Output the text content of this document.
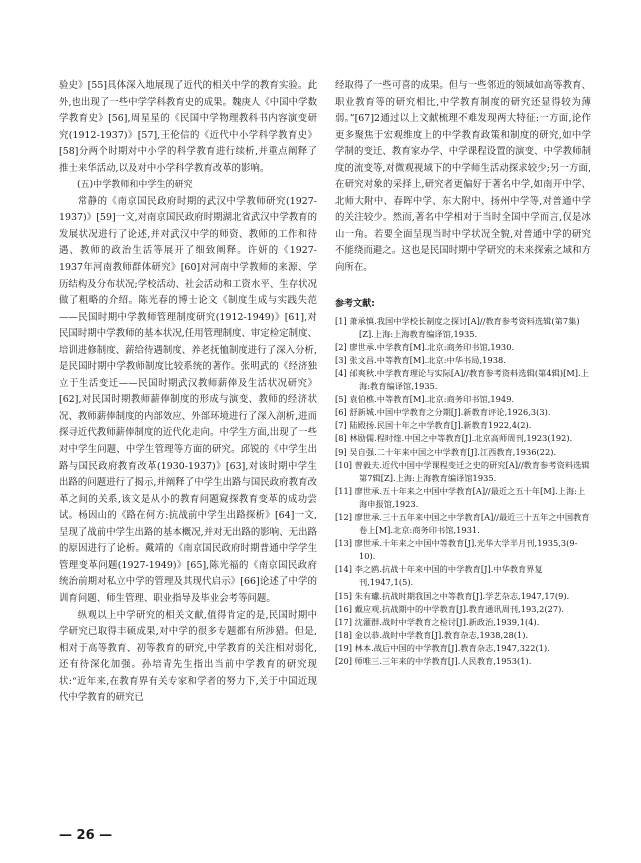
验史》[55]具体深入地展现了近代的相关中学的教育实验。此外,也出现了一些中学学科教育史的成果。魏庚人《中国中学数学教育史》[56],周星星的《民国中学物理教科书内容演变研究(1912-1937)》[57],王伦信的《近代中小学科学教育史》[58]分两个时期对中小学的科学教育进行续析,并重点阐释了推士来华活动,以及对中小学科学教育改革的影响。

(五)中学教师和中学生的研究

常静的《南京国民政府时期的武汉中学教师研究(1927-1937)》[59]一文,对南京国民政府时期湖北省武汉中学教育的发展状况进行了论述,并对武汉中学的师资、教师的工作和待遇、教师的政治生活等展开了细致阐释。许妍的《1927-1937年河南教师群体研究》[60]对河南中学教师的来源、学历结构及分布状况;学校活动、社会活动和工资水平、生存状况做了粗略的介绍。陈光春的博士论文《制度生成与实践失范——民国时期中学教师管理制度研究(1912-1949)》[61],对民国时期中学教师的基本状况,任用管理制度、审定检定制度、培训进修制度、薪给待遇制度、养老抚恤制度进行了深入分析,是民国时期中学教师制度比较系统的著作。张明武的《经济独立于生活变迁——民国时期武汉教师薪俸及生活状况研究》[62],对民国时期教师薪俸制度的形成与演变、教师的经济状况、教师薪俸制度的内部效应、外部环境进行了深入剖析,进而探寻近代教师薪俸制度的近代化走向。中学生方面,出现了一些对中学生问题、中学生管理等方面的研究。邱锐的《中学生出路与国民政府教育改革(1930-1937)》[63],对该时期中学生出路的问题进行了揭示,并阐释了中学生出路与国民政府教育改革之间的关系,该文是从小的教育问题窥探教育变革的成功尝试。杨因山的《路在何方:抗战前中学生出路探析》[64]一文,呈现了战前中学生出路的基本概况,并对无出路的影响、无出路的原因进行了论析。戴靖的《南京国民政府时期普通中学学生管理变革问题(1927-1949)》[65],陈光福的《南京国民政府统治前期对私立中学的管理及其现代启示》[66]论述了中学的训育问题、师生管理、职业指导及毕业会考等问题。

纵观以上中学研究的相关文献,值得肯定的是,民国时期中学研究已取得丰硕成果,对中学的很多专题都有所涉猎。但是,相对于高等教育、初等教育的研究,中学教育的关注相对弱化,还有待深化加强。孙培青先生指出当前中学教育的研究现状:“近年来,在教育界有关专家和学者的努力下,关于中国近现代中学教育的研究已

经取得了一些可喜的成果。但与一些邻近的领域如高等教育、职业教育等的研究相比,中学教育制度的研究还显得较为薄弱。”[67]2通过以上文献梳理不难发现两大特征:一方面,论作更多聚焦于宏观维度上的中学教育政策和制度的研究,如中学学制的变迁、教育家办学、中学课程设置的演变、中学教师制度的流变等,对微观视域下的中学师生活动探求较少;另一方面,在研究对象的采择上,研究者更偏好于著名中学,如南开中学、北师大附中、春晖中学、东大附中、扬州中学等,对普通中学的关注较少。然而,著名中学相对于当时全国中学而言,仅是冰山一角。若要全面呈现当时中学状况全貌,对普通中学的研究不能绕而避之。这也是民国时期中学研究的未来探索之域和方向所在。

参考文献:
[1] 萧承慎.我国中学校长制度之探讨[A]//教育参考资料选辑(第7集)[Z].上海:上海教育编译馆,1935.
[2] 廖世承.中学教育[M].北京:商务印书馆,1930.
[3] 张文昌.中等教育[M].北京:中华书局,1938.
[4] 邰爽秋.中学教育理论与实际[A]//教育参考资料选辑(第4辑)[M].上海:教育编译馆,1935.
[5] 袁伯樵.中等教育[M].北京:商务印书馆,1949.
[6] 舒新城.中国中学教育之分期[J].新教育评论,1926,3(3).
[7] 陆殿扬.民国十年之中学教育[J].新教育1922,4(2).
[8] 林励儒.程时煃.中国之中等教育[J].北京高师周刊,1923(192).
[9] 吴自强.二十年来中国之中学教育[J].江西教育,1936(22).
[10] 曾毅夫.近代中国中学课程变迁之史的研究[A]//教育参考资料选辑第7辑[Z].上海:上海教育编译馆1935.
[11] 廖世承.五十年来之中国中学教育[A]//最近之五十年[M].上海:上海申报馆,1923.
[12] 廖世承.三十五年来中国之中学教育[A]//最近三十五年之中国教育卷上[M].北京:商务印书馆,1931.
[13] 廖世承.十年来之中国中等教育[J].光华大学半月刊,1935,3(9-10).
[14] 李之鸥.抗战十年来中国的中学教育[J].中华教育界复刊,1947,1(5).
[15] 朱有瓛.抗战时期我国之中等教育[J].学艺杂志,1947,17(9).
[16] 戴应观.抗战期中的中学教育[J].教育通讯周刊,193,2(27).
[17] 沈灌群.战时中学教育之检讨[J].新政治,1939,1(4).
[18] 金以恭.战时中学教育[J].教育杂志,1938,28(1).
[19] 林本.战后中国的中学教育[J].教育杂志,1947,322(1).
[20] 师唯三.三年来的中学教育[J].人民教育,1953(1).
— 26 —
